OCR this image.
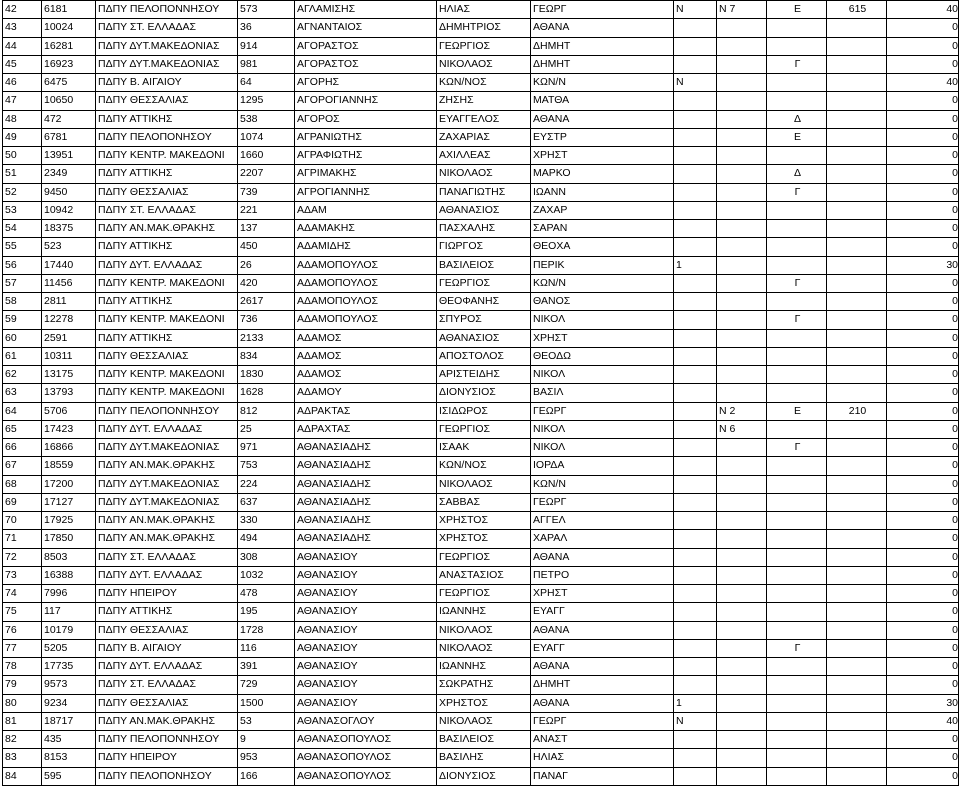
42	6181	ΠΔΠΥ ΠΕΛΟΠΟΝΝΗΣΟΥ	573	ΑΓΛΑΜΙΣΗΣ	ΗΛΙΑΣ	ΓΕΩΡΓ	Ν	Ν 7	Ε	615	40
43	10024	ΠΔΠΥ ΣΤ. ΕΛΛΑΔΑΣ	36	ΑΓΝΑΝΤΑΙΟΣ	ΔΗΜΗΤΡΙΟΣ	ΑΘΑΝΑ					0
44	16281	ΠΔΠΥ ΔΥΤ.ΜΑΚΕΔΟΝΙΑΣ	914	ΑΓΟΡΑΣΤΟΣ	ΓΕΩΡΓΙΟΣ	ΔΗΜΗΤ					0
45	16923	ΠΔΠΥ ΔΥΤ.ΜΑΚΕΔΟΝΙΑΣ	981	ΑΓΟΡΑΣΤΟΣ	ΝΙΚΟΛΑΟΣ	ΔΗΜΗΤ			Γ		0
46	6475	ΠΔΠΥ Β. ΑΙΓΑΙΟΥ	64	ΑΓΟΡΗΣ	ΚΩΝ/ΝΟΣ	ΚΩΝ/Ν	Ν				40
47	10650	ΠΔΠΥ ΘΕΣΣΑΛΙΑΣ	1295	ΑΓΟΡΟΓΙΑΝΝΗΣ	ΖΗΣΗΣ	ΜΑΤΘΑ					0
48	472	ΠΔΠΥ ΑΤΤΙΚΗΣ	538	ΑΓΟΡΟΣ	ΕΥΑΓΓΕΛΟΣ	ΑΘΑΝΑ			Δ		0
49	6781	ΠΔΠΥ ΠΕΛΟΠΟΝΗΣΟΥ	1074	ΑΓΡΑΝΙΩΤΗΣ	ΖΑΧΑΡΙΑΣ	ΕΥΣΤΡ			Ε		0
50	13951	ΠΔΠΥ ΚΕΝΤΡ. ΜΑΚΕΔΟΝΙ	1660	ΑΓΡΑΦΙΩΤΗΣ	ΑΧΙΛΛΕΑΣ	ΧΡΗΣΤ					0
51	2349	ΠΔΠΥ ΑΤΤΙΚΗΣ	2207	ΑΓΡΙΜΑΚΗΣ	ΝΙΚΟΛΑΟΣ	ΜΑΡΚΟ			Δ		0
52	9450	ΠΔΠΥ ΘΕΣΣΑΛΙΑΣ	739	ΑΓΡΟΓΙΑΝΝΗΣ	ΠΑΝΑΓΙΩΤΗΣ	ΙΩΑΝΝ			Γ		0
53	10942	ΠΔΠΥ ΣΤ. ΕΛΛΑΔΑΣ	221	ΑΔΑΜ	ΑΘΑΝΑΣΙΟΣ	ΖΑΧΑΡ					0
54	18375	ΠΔΠΥ ΑΝ.ΜΑΚ.ΘΡΑΚΗΣ	137	ΑΔΑΜΑΚΗΣ	ΠΑΣΧΑΛΗΣ	ΣΑΡΑΝ					0
55	523	ΠΔΠΥ ΑΤΤΙΚΗΣ	450	ΑΔΑΜΙΔΗΣ	ΓΙΩΡΓΟΣ	ΘΕΟΧΑ					0
56	17440	ΠΔΠΥ ΔΥΤ. ΕΛΛΑΔΑΣ	26	ΑΔΑΜΟΠΟΥΛΟΣ	ΒΑΣΙΛΕΙΟΣ	ΠΕΡΙΚ	1				30
57	11456	ΠΔΠΥ ΚΕΝΤΡ. ΜΑΚΕΔΟΝΙ	420	ΑΔΑΜΟΠΟΥΛΟΣ	ΓΕΩΡΓΙΟΣ	ΚΩΝ/Ν			Γ		0
58	2811	ΠΔΠΥ ΑΤΤΙΚΗΣ	2617	ΑΔΑΜΟΠΟΥΛΟΣ	ΘΕΟΦΑΝΗΣ	ΘΑΝΟΣ					0
59	12278	ΠΔΠΥ ΚΕΝΤΡ. ΜΑΚΕΔΟΝΙ	736	ΑΔΑΜΟΠΟΥΛΟΣ	ΣΠΥΡΟΣ	ΝΙΚΟΛ			Γ		0
60	2591	ΠΔΠΥ ΑΤΤΙΚΗΣ	2133	ΑΔΑΜΟΣ	ΑΘΑΝΑΣΙΟΣ	ΧΡΗΣΤ					0
61	10311	ΠΔΠΥ ΘΕΣΣΑΛΙΑΣ	834	ΑΔΑΜΟΣ	ΑΠΟΣΤΟΛΟΣ	ΘΕΟΔΩ					0
62	13175	ΠΔΠΥ ΚΕΝΤΡ. ΜΑΚΕΔΟΝΙ	1830	ΑΔΑΜΟΣ	ΑΡΙΣΤΕΙΔΗΣ	ΝΙΚΟΛ					0
63	13793	ΠΔΠΥ ΚΕΝΤΡ. ΜΑΚΕΔΟΝΙ	1628	ΑΔΑΜΟΥ	ΔΙΟΝΥΣΙΟΣ	ΒΑΣΙΛ					0
64	5706	ΠΔΠΥ ΠΕΛΟΠΟΝΝΗΣΟΥ	812	ΑΔΡΑΚΤΑΣ	ΙΣΙΔΩΡΟΣ	ΓΕΩΡΓ		Ν 2	Ε	210	0
65	17423	ΠΔΠΥ ΔΥΤ. ΕΛΛΑΔΑΣ	25	ΑΔΡΑΧΤΑΣ	ΓΕΩΡΓΙΟΣ	ΝΙΚΟΛ		Ν 6			0
66	16866	ΠΔΠΥ ΔΥΤ.ΜΑΚΕΔΟΝΙΑΣ	971	ΑΘΑΝΑΣΙΑΔΗΣ	ΙΣΑΑΚ	ΝΙΚΟΛ			Γ		0
67	18559	ΠΔΠΥ ΑΝ.ΜΑΚ.ΘΡΑΚΗΣ	753	ΑΘΑΝΑΣΙΑΔΗΣ	ΚΩΝ/ΝΟΣ	ΙΟΡΔΑ					0
68	17200	ΠΔΠΥ ΔΥΤ.ΜΑΚΕΔΟΝΙΑΣ	224	ΑΘΑΝΑΣΙΑΔΗΣ	ΝΙΚΟΛΑΟΣ	ΚΩΝ/Ν					0
69	17127	ΠΔΠΥ ΔΥΤ.ΜΑΚΕΔΟΝΙΑΣ	637	ΑΘΑΝΑΣΙΑΔΗΣ	ΣΑΒΒΑΣ	ΓΕΩΡΓ					0
70	17925	ΠΔΠΥ ΑΝ.ΜΑΚ.ΘΡΑΚΗΣ	330	ΑΘΑΝΑΣΙΑΔΗΣ	ΧΡΗΣΤΟΣ	ΑΓΓΕΛ					0
71	17850	ΠΔΠΥ ΑΝ.ΜΑΚ.ΘΡΑΚΗΣ	494	ΑΘΑΝΑΣΙΑΔΗΣ	ΧΡΗΣΤΟΣ	ΧΑΡΑΛ					0
72	8503	ΠΔΠΥ ΣΤ. ΕΛΛΑΔΑΣ	308	ΑΘΑΝΑΣΙΟΥ	ΓΕΩΡΓΙΟΣ	ΑΘΑΝΑ					0
73	16388	ΠΔΠΥ ΔΥΤ. ΕΛΛΑΔΑΣ	1032	ΑΘΑΝΑΣΙΟΥ	ΑΝΑΣΤΑΣΙΟΣ	ΠΕΤΡΟ					0
74	7996	ΠΔΠΥ ΗΠΕΙΡΟΥ	478	ΑΘΑΝΑΣΙΟΥ	ΓΕΩΡΓΙΟΣ	ΧΡΗΣΤ					0
75	117	ΠΔΠΥ ΑΤΤΙΚΗΣ	195	ΑΘΑΝΑΣΙΟΥ	ΙΩΑΝΝΗΣ	ΕΥΑΓΓ					0
76	10179	ΠΔΠΥ ΘΕΣΣΑΛΙΑΣ	1728	ΑΘΑΝΑΣΙΟΥ	ΝΙΚΟΛΑΟΣ	ΑΘΑΝΑ					0
77	5205	ΠΔΠΥ Β. ΑΙΓΑΙΟΥ	116	ΑΘΑΝΑΣΙΟΥ	ΝΙΚΟΛΑΟΣ	ΕΥΑΓΓ			Γ		0
78	17735	ΠΔΠΥ ΔΥΤ. ΕΛΛΑΔΑΣ	391	ΑΘΑΝΑΣΙΟΥ	ΙΩΑΝΝΗΣ	ΑΘΑΝΑ					0
79	9573	ΠΔΠΥ ΣΤ. ΕΛΛΑΔΑΣ	729	ΑΘΑΝΑΣΙΟΥ	ΣΩΚΡΑΤΗΣ	ΔΗΜΗΤ					0
80	9234	ΠΔΠΥ ΘΕΣΣΑΛΙΑΣ	1500	ΑΘΑΝΑΣΙΟΥ	ΧΡΗΣΤΟΣ	ΑΘΑΝΑ	1				30
81	18717	ΠΔΠΥ ΑΝ.ΜΑΚ.ΘΡΑΚΗΣ	53	ΑΘΑΝΑΣΟΓΛΟΥ	ΝΙΚΟΛΑΟΣ	ΓΕΩΡΓ	Ν				40
82	435	ΠΔΠΥ ΠΕΛΟΠΟΝΝΗΣΟΥ	9	ΑΘΑΝΑΣΟΠΟΥΛΟΣ	ΒΑΣΙΛΕΙΟΣ	ΑΝΑΣΤ					0
83	8153	ΠΔΠΥ ΗΠΕΙΡΟΥ	953	ΑΘΑΝΑΣΟΠΟΥΛΟΣ	ΒΑΣΙΛΗΣ	ΗΛΙΑΣ					0
84	595	ΠΔΠΥ ΠΕΛΟΠΟΝΗΣΟΥ	166	ΑΘΑΝΑΣΟΠΟΥΛΟΣ	ΔΙΟΝΥΣΙΟΣ	ΠΑΝΑΓ					0
